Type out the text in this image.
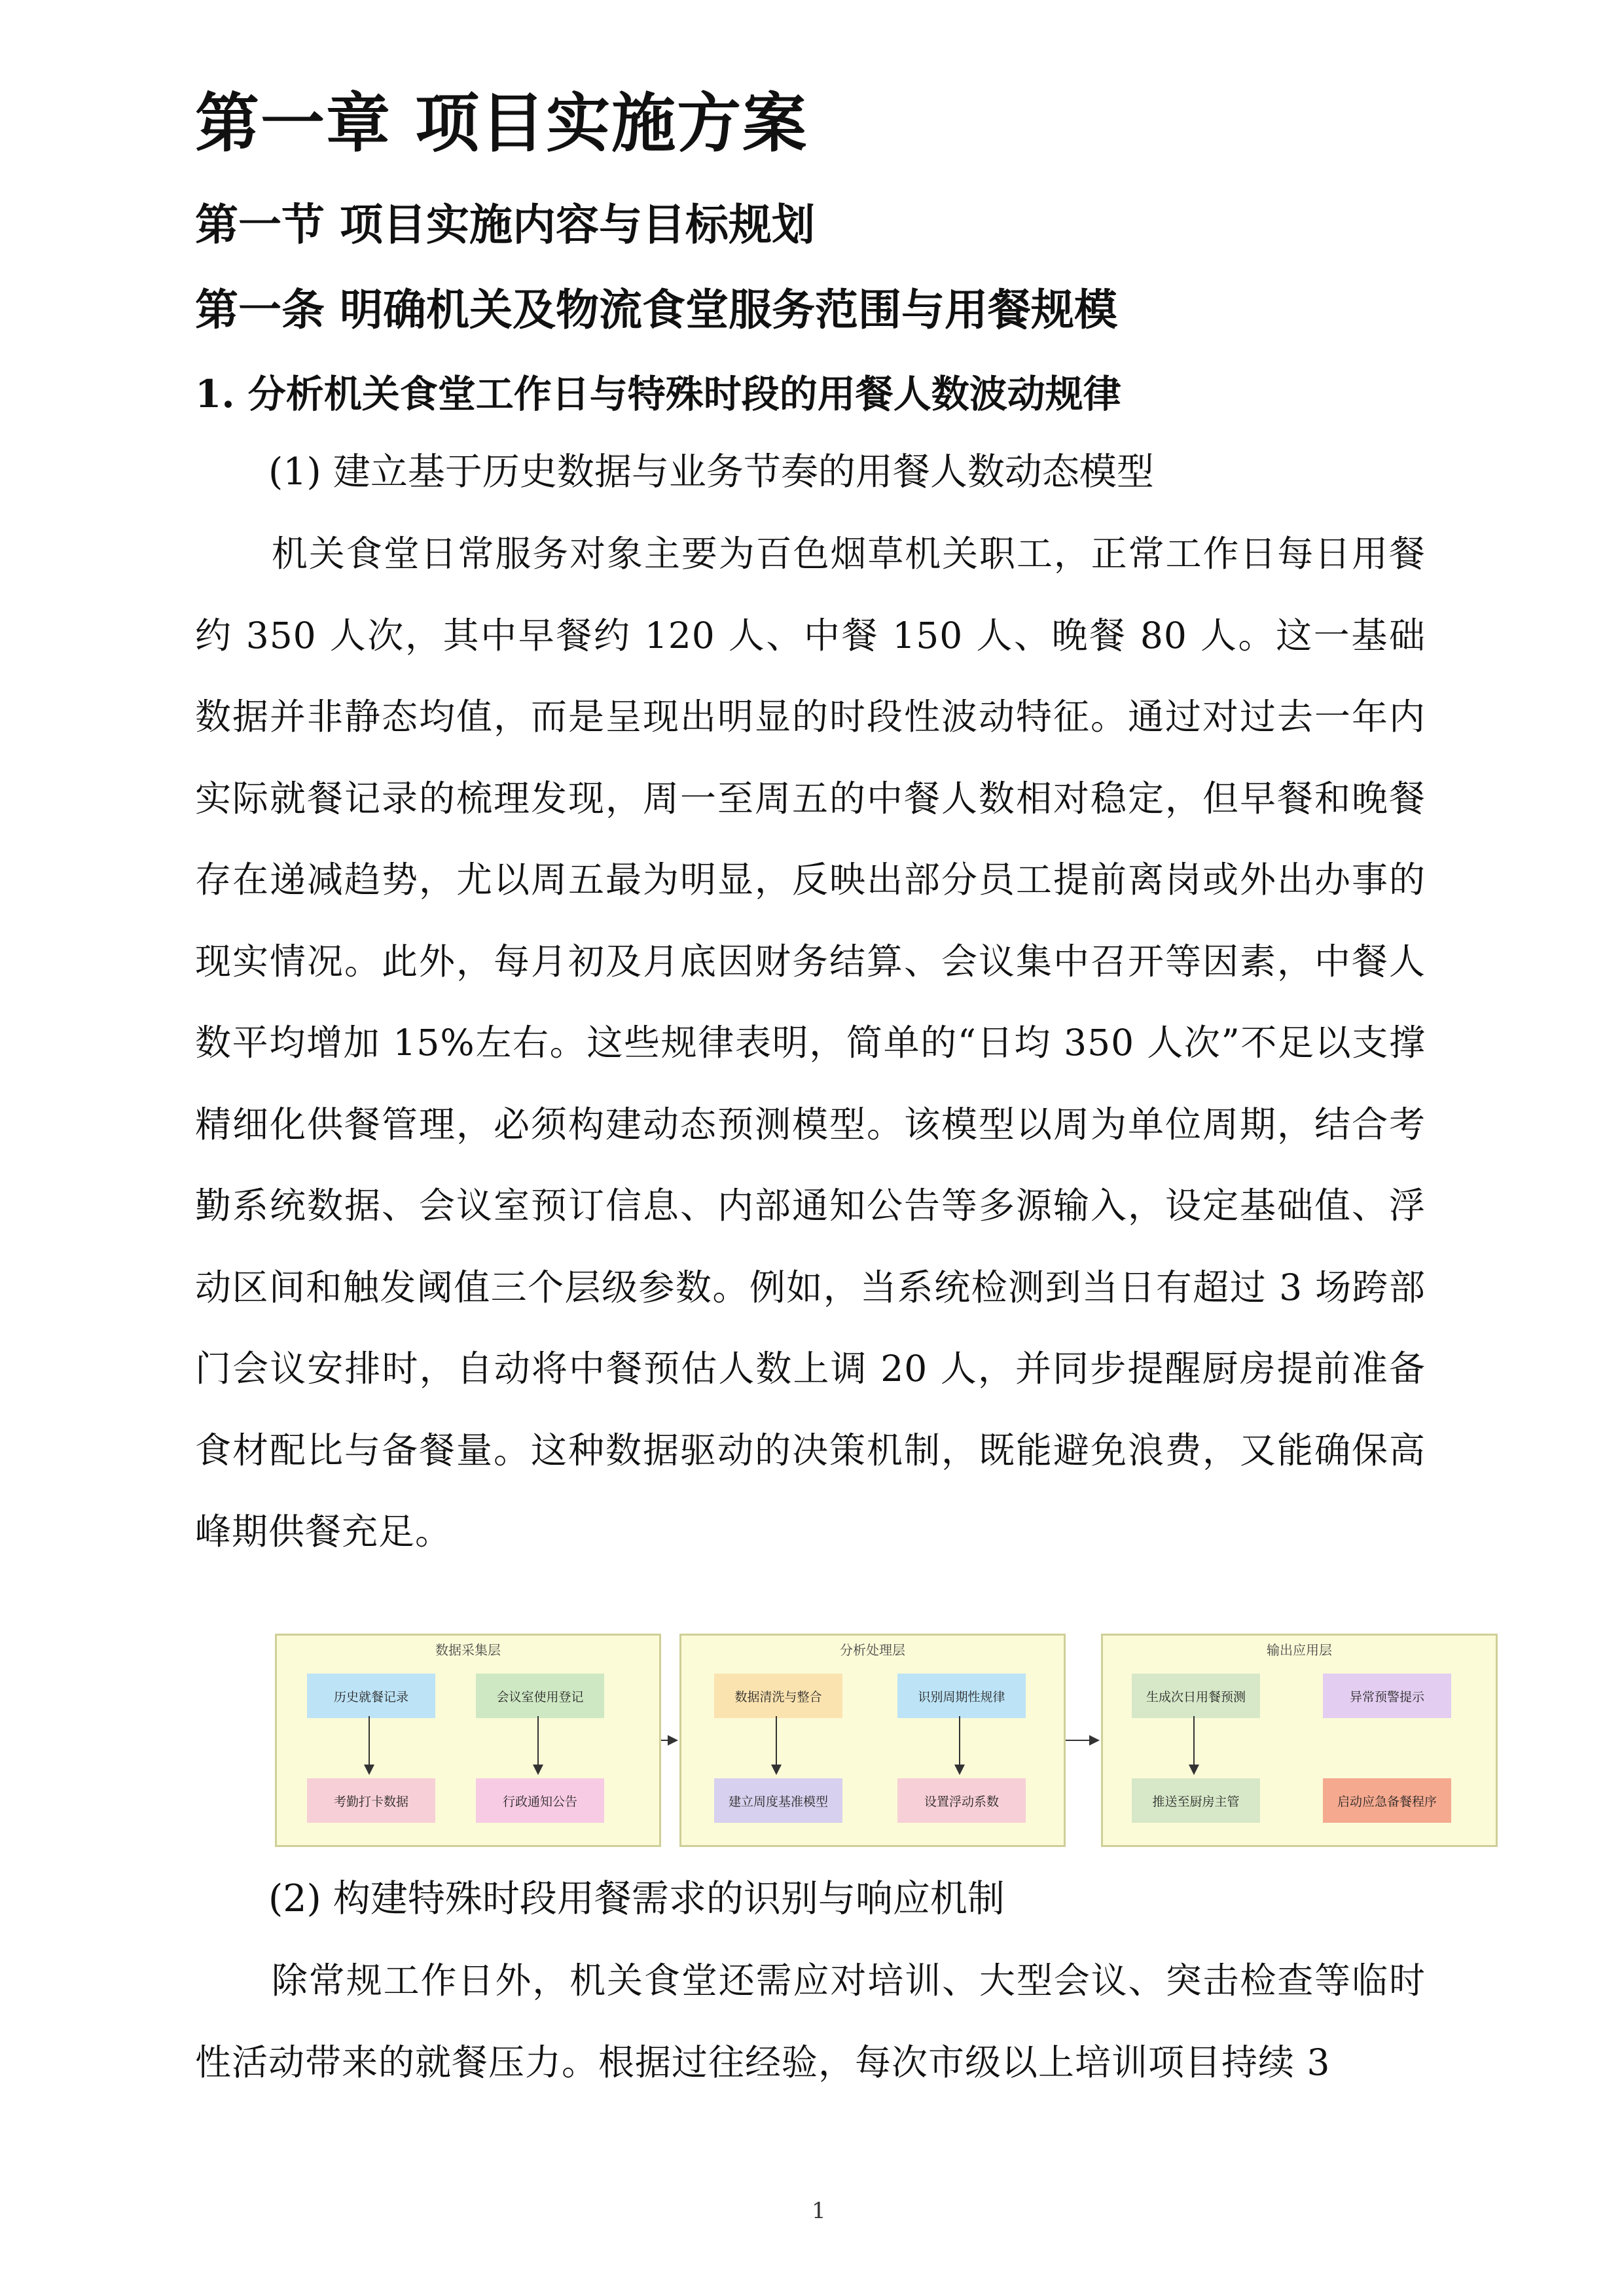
第一章 项目实施方案
第一节 项目实施内容与目标规划
第一条 明确机关及物流食堂服务范围与用餐规模
1. 分析机关食堂工作日与特殊时段的用餐人数波动规律
(1) 建立基于历史数据与业务节奏的用餐人数动态模型
机关食堂日常服务对象主要为百色烟草机关职工，正常工作日每日用餐约 350 人次，其中早餐约 120 人、中餐 150 人、晚餐 80 人。这一基础数据并非静态均值，而是呈现出明显的时段性波动特征。通过对过去一年内实际就餐记录的梳理发现，周一至周五的中餐人数相对稳定，但早餐和晚餐存在递减趋势，尤以周五最为明显，反映出部分员工提前离岗或外出办事的现实情况。此外，每月初及月底因财务结算、会议集中召开等因素，中餐人数平均增加 15%左右。这些规律表明，简单的“日均 350 人次”不足以支撑精细化供餐管理，必须构建动态预测模型。该模型以周为单位周期，结合考勤系统数据、会议室预订信息、内部通知公告等多源输入，设定基础值、浮动区间和触发阈值三个层级参数。例如，当系统检测到当日有超过 3 场跨部门会议安排时，自动将中餐预估人数上调 20 人，并同步提醒厨房提前准备食材配比与备餐量。这种数据驱动的决策机制，既能避免浪费，又能确保高峰期供餐充足。
数据采集层
历史就餐记录	会议室使用登记
考勤打卡数据	行政通知公告
分析处理层
数据清洗与整合	识别周期性规律
建立周度基准模型	设置浮动系数
输出应用层
生成次日用餐预测	异常预警提示
推送至厨房主管	启动应急备餐程序
(2) 构建特殊时段用餐需求的识别与响应机制
除常规工作日外，机关食堂还需应对培训、大型会议、突击检查等临时性活动带来的就餐压力。根据过往经验，每次市级以上培训项目持续 3
1
